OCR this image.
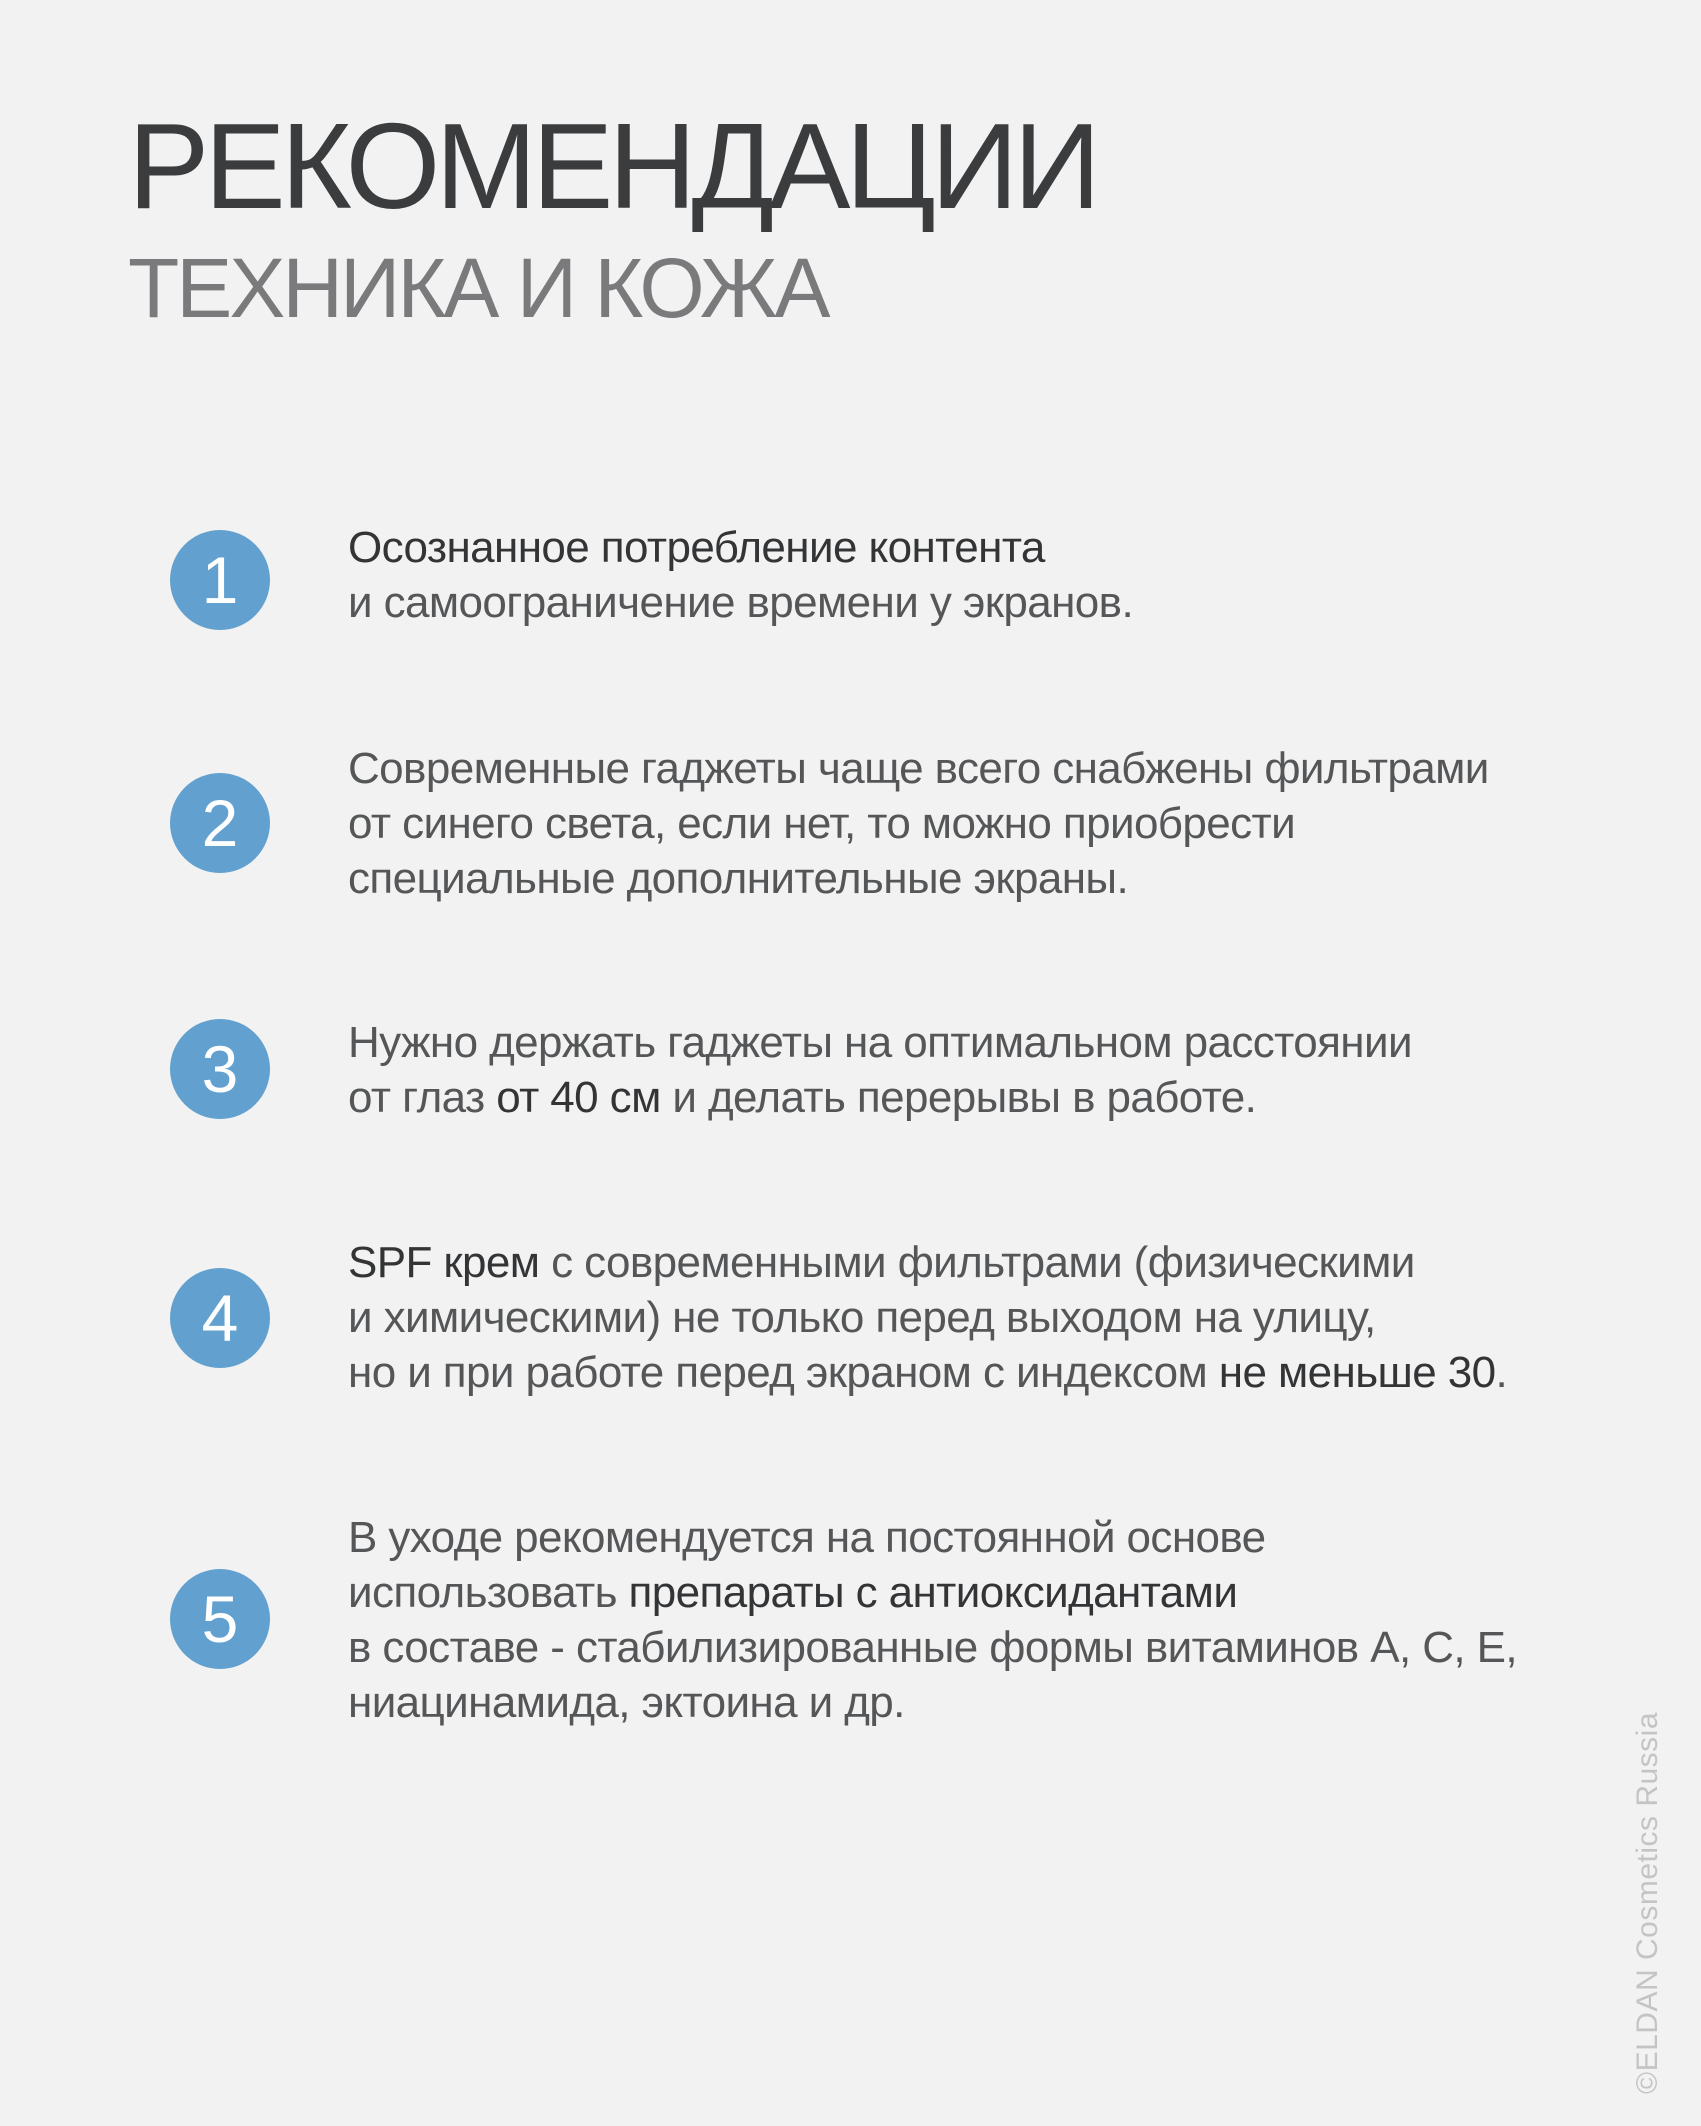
РЕКОМЕНДАЦИИ
ТЕХНИКА И КОЖА
1	Осознанное потребление контента
и самоограничение времени у экранов.

2

Современные гаджеты чаще всего снабжены фильтрами
от синего света, если нет, то можно приобрести
специальные дополнительные экраны.

3	Нужно держать гаджеты на оптимальном расстоянии
от глаз от 40 см и делать перерывы в работе.

4

SPF крем с современными фильтрами (физическими
и химическими) не только перед выходом на улицу,
но и при работе перед экраном с индексом не меньше 30.

5

В уходе рекомендуется на постоянной основе
использовать препараты с антиоксидантами
в составе - стабилизированные формы витаминов А, С, Е,
ниацинамида, эктоина и др.

©ELDAN Cosmetics Russia
